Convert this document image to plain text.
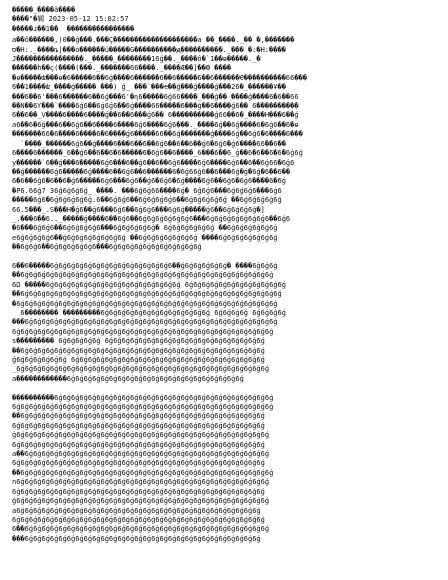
�����_����ã����
����"�䳬 2023-05-12 15:02:57
�����ɾ��1��  ����������������
a��ô������,)0��ǵ���.���Ç��������������������a ��_����._�� �,�������
ס�H:._����ȵ|���o������ü�����G����������ԭ����������._��� �:�H:����
J����������������._�����_��������16ǵ��._����ô�`1��ѳ�����._�
������ĥ��ç(����(���._�������66����._����Ǽ��]��Ф ����
�ɵ�����ǳ���ɵ�6�����6��6ǵ����6������6��6�����6��6������Ҽ����������66���
6��1����ǳ_����ǵ����� ���) ǵ_ ���`���ҽ��ǵ���ǵ����ǵ���26�_������Ұ��
���6��6'���6������6��6ǵ���6'�ɳ6�����6ǵ66����_���ǵ�� ����ǵ����6�6��66
��Ǹ��6Ƴ���`����6ǵ6��6ǵ6ǵ6��6ǵ����66�����6���ǵ��6����ǵ6�� 6����������
6��6��_Ѵ����6����6����ǵ��6��6���ǵ6�� 6����������ǵ66��6�_����H���6��ǵ
a6��6�6ǵ���6��6ǵ6��6����6����6ǵ6����6ǵ6���._����6ǵ��6ǵ����6�6ǵ6��6�ɵ
�������66�6����6����6�6����ǵ6�����66��6ǵ�������ǵ����6ǵ��6ǵ6�6����6���
`����_������6ǵ6��ǵ����6���6��6��6ǵ6��6��6��ǵ6�6ǵ6�ǵ6����66��6��
6����6������_6��ǵ6��6��6�6�����6�6ǵ6��6����_6���6��6_ǵ��6�6��6�6�6ǵ6ǵ
y������`6��ǵ���6�����6ǵ6���6��ǵ6��6��6ǵ6����6ǵ6����6ǵ6��6��6ǵ66�6ǵ6
��ǵ������6ǵ6�����6ǵ����6��6ǵ6��6������6�6ǵ66ǵ6��6���6ǵ�ǵ�6ǵ�6��6��
6�6��6ǵ6�6��6�ǵ6�����6ǵ6���6ǵ6��ǵ6�6ǵ6�6ǵ����6ǵ6��6ǵ6�6ǵ6����6�6ǵ
�P6.66ǵ7 36ǵ6ǵ6ǵ6ǵ_ ����. ���6ǵ6ǵ66����6ǵ� 6ǵ6ǵ6���6ǵ6ǵ6ǵ6���6ǵ6
�����6ǵ6�6ǵ6ǵ6ǵ6ǵ6ǵ.6��6ǵ6ǵ6��6ǵ6ǵ6ǵ6ǵ6��6ǵ6ǵ6ǵ6ǵ6ǵ ��6ǵ6ǵ6ǵ6ǵ6ǵ
66.5���_.S���H�ǵ6��ǵ6���6ǵ6��6ǵ6ǵ6���6ǵ6ǵ�����ǵ6��6ǵ6ǵ6ǵ6ǵ�]
_.���6��6.._�����ǵ����6��6ǵ6��6ǵ6ǵ6ǵ6ǵ6ǵ6ǵ6���6ǵ6ǵ6ǵ6ǵ6ǵ6ǵ6ǵ6��6ǵ6
�6���6ǵ6ǵ6��6ǵ6ǵ6ǵ6ǵ6���6ǵ6ǵ6ǵ6ǵ6ǵ� 6ǵ6ǵ6ǵ6ǵ6ǵ6ǵ ��6ǵ6ǵ6ǵ6ǵ6ǵ6ǵ
e6ǵ6ǵ6ǵ6ǵ6��ǵ6ǵ6ǵ6ǵ6ǵ6ǵ6ǵ6ǵ ��6ǵ6ǵ6ǵ6ǵ6ǵ6ǵ6ǵ ����6ǵ6ǵ6ǵ6ǵ6ǵ6ǵ6ǵ
��6ǵ6ǵ6��6ǵ6ǵ6ǵ6ǵ6ǵ6���6ǵ6ǵ6ǵ6ǵ6ǵ6ǵ6ǵ6ǵ6ǵ6ǵ6ǵ
6��6�����6ǵ6ǵ6ǵ6ǵ6ǵ6ǵ6ǵ6ǵ6ǵ6ǵ6ǵ6ǵ6ǵ6ǵ6��ǵ6ǵ6ǵ6ǵ6ǵ6ǵ� ����6ǵ6ǵ6ǵ
��6ǵ6ǵ6ǵ6ǵ6ǵ6ǵ6ǵ6ǵ6ǵ6ǵ6ǵ6ǵ6ǵ6ǵ6ǵ6ǵ6ǵ6ǵ6ǵ6ǵ6ǵ6ǵ6ǵ6ǵ6ǵ6ǵ6ǵ6ǵ6ǵ6ǵ
6Ω �����6ǵ6ǵ6ǵ6ǵ6ǵ6ǵ6ǵ6ǵ6ǵ6ǵ6ǵ6ǵ6ǵ6ǵ6ǵ6ǵ 6ǵ6ǵ6ǵ6ǵ6ǵ6ǵ6ǵ6ǵ6ǵ6ǵ6ǵ6ǵ
��6ǵ6ǵ6ǵ6ǵ6ǵ6ǵ6ǵ6ǵ6ǵ6ǵ6ǵ6ǵ6ǵ6ǵ6ǵ6ǵ6ǵ6ǵ6ǵ6ǵ6ǵ6ǵ6ǵ6ǵ6ǵ6ǵ6ǵ6ǵ6ǵ6ǵ6ǵ
�6ǵ6ǵ6ǵ6ǵ6ǵ6ǵ6ǵ6ǵ6ǵ6ǵ6ǵ6ǵ6ǵ6ǵ6ǵ6ǵ6ǵ6ǵ6ǵ6ǵ6ǵ6ǵ6ǵ6ǵ6ǵ6ǵ6ǵ6ǵ6ǵ6ǵ6ǵ
6�������� ���������6ǵ6ǵ6ǵ6ǵ6ǵ6ǵ6ǵ6ǵ6ǵ6ǵ6ǵ6ǵ6ǵ 6ǵ6ǵ6ǵ6ǵ 6ǵ6ǵ6ǵ6ǵ
���6ǵ6ǵ6ǵ6ǵ6ǵ6ǵ6ǵ6ǵ6ǵ6ǵ6ǵ6ǵ6ǵ6ǵ6ǵ6ǵ6ǵ6ǵ6ǵ6ǵ6ǵ6ǵ6ǵ6ǵ6ǵ6ǵ6ǵ6ǵ6ǵ6ǵ
6ǵ6ǵ6ǵ6ǵ6ǵ6ǵ6ǵ6ǵ6ǵ6ǵ6ǵ6ǵ6ǵ6ǵ6ǵ6ǵ6ǵ6ǵ6ǵ6ǵ6ǵ6ǵ6ǵ6ǵ6ǵ6ǵ6ǵ6ǵ6ǵ6ǵ6ǵ
s��������� 6ǵ6ǵ6ǵ6ǵ6ǵ 6ǵ6ǵ6ǵ6ǵ6ǵ6ǵ6ǵ6ǵ6ǵ6ǵ6ǵ6ǵ6ǵ6ǵ6ǵ6ǵ6ǵ6ǵ6ǵ
��6ǵ6ǵ6ǵ6ǵ6ǵ6ǵ6ǵ6ǵ6ǵ6ǵ6ǵ6ǵ6ǵ6ǵ6ǵ6ǵ6ǵ6ǵ6ǵ6ǵ6ǵ6ǵ6ǵ6ǵ6ǵ6ǵ6ǵ6ǵ6ǵ
ǵ6ǵ6ǵ6ǵ6ǵ6ǵ6ǵ 6ǵ6ǵ6ǵ6ǵ6ǵ6ǵ6ǵ6ǵ6ǵ6ǵ6ǵ6ǵ6ǵ6ǵ6ǵ6ǵ6ǵ6ǵ6ǵ6ǵ6ǵ6ǵ6ǵ
_6ǵ6ǵ6ǵ6ǵ6ǵ6ǵ6ǵ6ǵ6ǵ6ǵ6ǵ6ǵ6ǵ6ǵ6ǵ6ǵ6ǵ6ǵ6ǵ6ǵ6ǵ6ǵ6ǵ6ǵ6ǵ6ǵ6ǵ6ǵ6ǵ6ǵ
a������������6ǵ6ǵ6ǵ6ǵ6ǵ6ǵ6ǵ6ǵ6ǵ6ǵ6ǵ6ǵ6ǵ6ǵ6ǵ6ǵ6ǵ6ǵ6ǵ6ǵ6ǵ
����������6ǵ6ǵ6ǵ6ǵ6ǵ6ǵ6ǵ6ǵ6ǵ6ǵ6ǵ6ǵ6ǵ6ǵ6ǵ6ǵ6ǵ6ǵ6ǵ6ǵ6ǵ6ǵ6ǵ6ǵ6ǵ6ǵ
6ǵ6ǵ6ǵ6ǵ6ǵ6ǵ6ǵ6ǵ6ǵ6ǵ6ǵ6ǵ6ǵ6ǵ6ǵ6ǵ6ǵ6ǵ6ǵ6ǵ6ǵ6ǵ6ǵ6ǵ6ǵ6ǵ6ǵ6ǵ6ǵ6ǵ6ǵ
��6ǵ6ǵ6ǵ6ǵ6ǵ6ǵ6ǵ6ǵ6ǵ6ǵ6ǵ6ǵ6ǵ6ǵ6ǵ6ǵ6ǵ6ǵ6ǵ6ǵ6ǵ6ǵ6ǵ6ǵ6ǵ6ǵ6ǵ6ǵ6ǵ
6ǵ6ǵ6ǵ6ǵ6ǵ6ǵ6ǵ6ǵ6ǵ6ǵ6ǵ6ǵ6ǵ6ǵ6ǵ6ǵ6ǵ6ǵ6ǵ6ǵ6ǵ6ǵ6ǵ6ǵ6ǵ6ǵ6ǵ6ǵ6ǵ6ǵ
ǵ6ǵ6ǵ6ǵ6ǵ6ǵ6ǵ6ǵ6ǵ6ǵ6ǵ6ǵ6ǵ6ǵ6ǵ6ǵ6ǵ6ǵ6ǵ6ǵ6ǵ6ǵ6ǵ6ǵ6ǵ6ǵ6ǵ6ǵ6ǵ6ǵ6ǵ
6ǵ6ǵ6ǵ6ǵ6ǵ6ǵ6ǵ6ǵ6ǵ6ǵ6ǵ6ǵ6ǵ6ǵ6ǵ6ǵ6ǵ6ǵ6ǵ6ǵ6ǵ6ǵ6ǵ6ǵ6ǵ6ǵ6ǵ6ǵ6ǵ6ǵ
a��6ǵ6ǵ6ǵ6ǵ6ǵ6ǵ6ǵ6ǵ6ǵ6ǵ6ǵ6ǵ6ǵ6ǵ6ǵ6ǵ6ǵ6ǵ6ǵ6ǵ6ǵ6ǵ6ǵ6ǵ6ǵ6ǵ6ǵ6ǵ6ǵ
6ǵ6ǵ6ǵ6ǵ6ǵ6ǵ6ǵ6ǵ6ǵ6ǵ6ǵ6ǵ6ǵ6ǵ6ǵ6ǵ6ǵ6ǵ6ǵ6ǵ6ǵ6ǵ6ǵ6ǵ6ǵ6ǵ6ǵ6ǵ6ǵ6ǵ
��6ǵ6ǵ6ǵ6ǵ6ǵ6ǵ6ǵ6ǵ6ǵ6ǵ6ǵ6ǵ6ǵ6ǵ6ǵ6ǵ6ǵ6ǵ6ǵ6ǵ6ǵ6ǵ6ǵ6ǵ6ǵ6ǵ6ǵ6ǵ6ǵ6ǵ
n6ǵ6ǵ6ǵ6ǵ6ǵ6ǵ6ǵ6ǵ6ǵ6ǵ6ǵ6ǵ6ǵ6ǵ6ǵ6ǵ6ǵ6ǵ6ǵ6ǵ6ǵ6ǵ6ǵ6ǵ6ǵ6ǵ6ǵ6ǵ6ǵ6ǵ
6ǵ6ǵ6ǵ6ǵ6ǵ6ǵ6ǵ6ǵ6ǵ6ǵ6ǵ6ǵ6ǵ6ǵ6ǵ6ǵ6ǵ6ǵ6ǵ6ǵ6ǵ6ǵ6ǵ6ǵ6ǵ6ǵ6ǵ6ǵ6ǵ6ǵ
ǵ6ǵ6ǵ6ǵ6ǵ6ǵ6ǵ6ǵ6ǵ6ǵ6ǵ6ǵ6ǵ6ǵ6ǵ6ǵ6ǵ6ǵ6ǵ6ǵ6ǵ6ǵ6ǵ6ǵ6ǵ6ǵ6ǵ6ǵ6ǵ6ǵ6ǵ
a6ǵ6ǵ6ǵ6ǵ6ǵ6ǵ6ǵ6ǵ6ǵ6ǵ6ǵ6ǵ6ǵ6ǵ6ǵ6ǵ6ǵ6ǵ6ǵ6ǵ6ǵ6ǵ6ǵ6ǵ6ǵ6ǵ6ǵ6ǵ6ǵ
6ǵ6ǵ6ǵ6ǵ6ǵ6ǵ6ǵ6ǵ6ǵ6ǵ6ǵ6ǵ6ǵ6ǵ6ǵ6ǵ6ǵ6ǵ6ǵ6ǵ6ǵ6ǵ6ǵ6ǵ6ǵ6ǵ6ǵ6ǵ6ǵ6ǵ
6��6ǵ6ǵ6ǵ6ǵ6ǵ6ǵ6ǵ6ǵ6ǵ6ǵ6ǵ6ǵ6ǵ6ǵ6ǵ6ǵ6ǵ6ǵ6ǵ6ǵ6ǵ6ǵ6ǵ6ǵ6ǵ6ǵ6ǵ6ǵ6ǵ
���6ǵ6ǵ6ǵ6ǵ6ǵ6ǵ6ǵ6ǵ6ǵ6ǵ6ǵ6ǵ6ǵ6ǵ6ǵ6ǵ6ǵ6ǵ6ǵ6ǵ6ǵ6ǵ6ǵ6ǵ6ǵ6ǵ6ǵ6ǵ
